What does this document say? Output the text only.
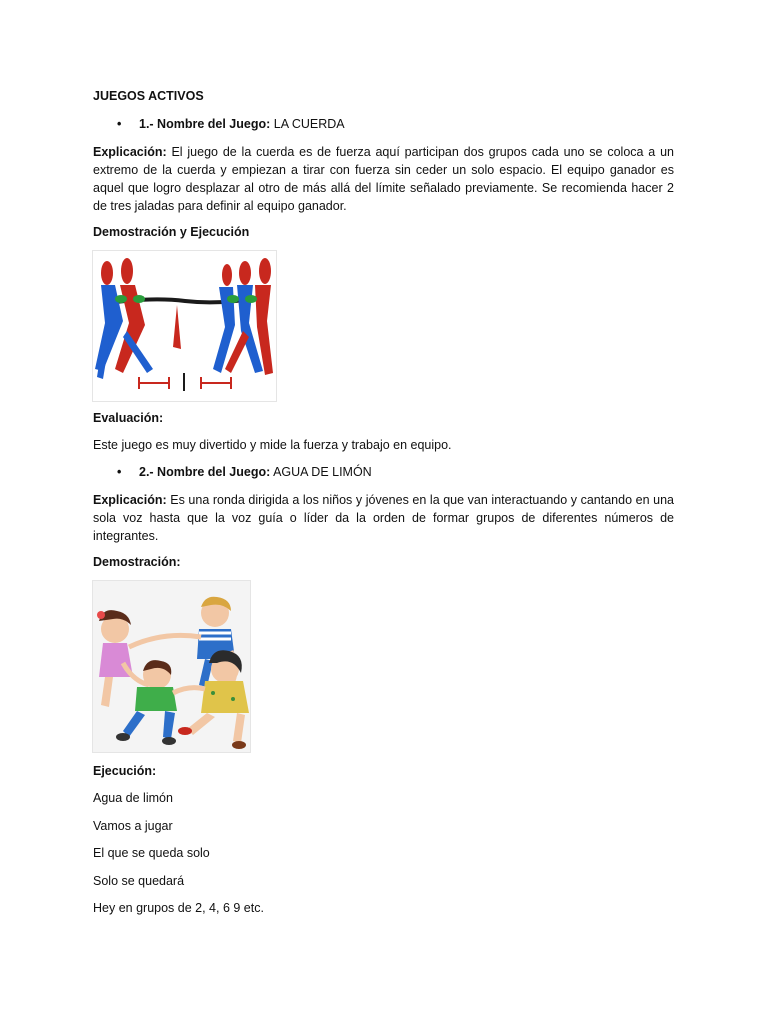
JUEGOS ACTIVOS

• 1.- Nombre del Juego: LA CUERDA

Explicación: El juego de la cuerda es de fuerza aquí participan dos grupos cada uno se coloca a un extremo de la cuerda y empiezan a tirar con fuerza sin ceder un solo espacio. El equipo ganador es aquel que logro desplazar al otro de más allá del límite señalado previamente. Se recomienda hacer 2 de tres jaladas para definir al equipo ganador.

Demostración y Ejecución

Evaluación:

Este juego es muy divertido y mide la fuerza y trabajo en equipo.

• 2.- Nombre del Juego: AGUA DE LIMÓN

Explicación: Es una ronda dirigida a los niños y jóvenes en la que van interactuando y cantando en una sola voz hasta que la voz guía o líder da la orden de formar grupos de diferentes números de integrantes.

Demostración:

Ejecución:

Agua de limón

Vamos a jugar

El que se queda solo

Solo se quedará

Hey en grupos de 2, 4, 6 9 etc.
